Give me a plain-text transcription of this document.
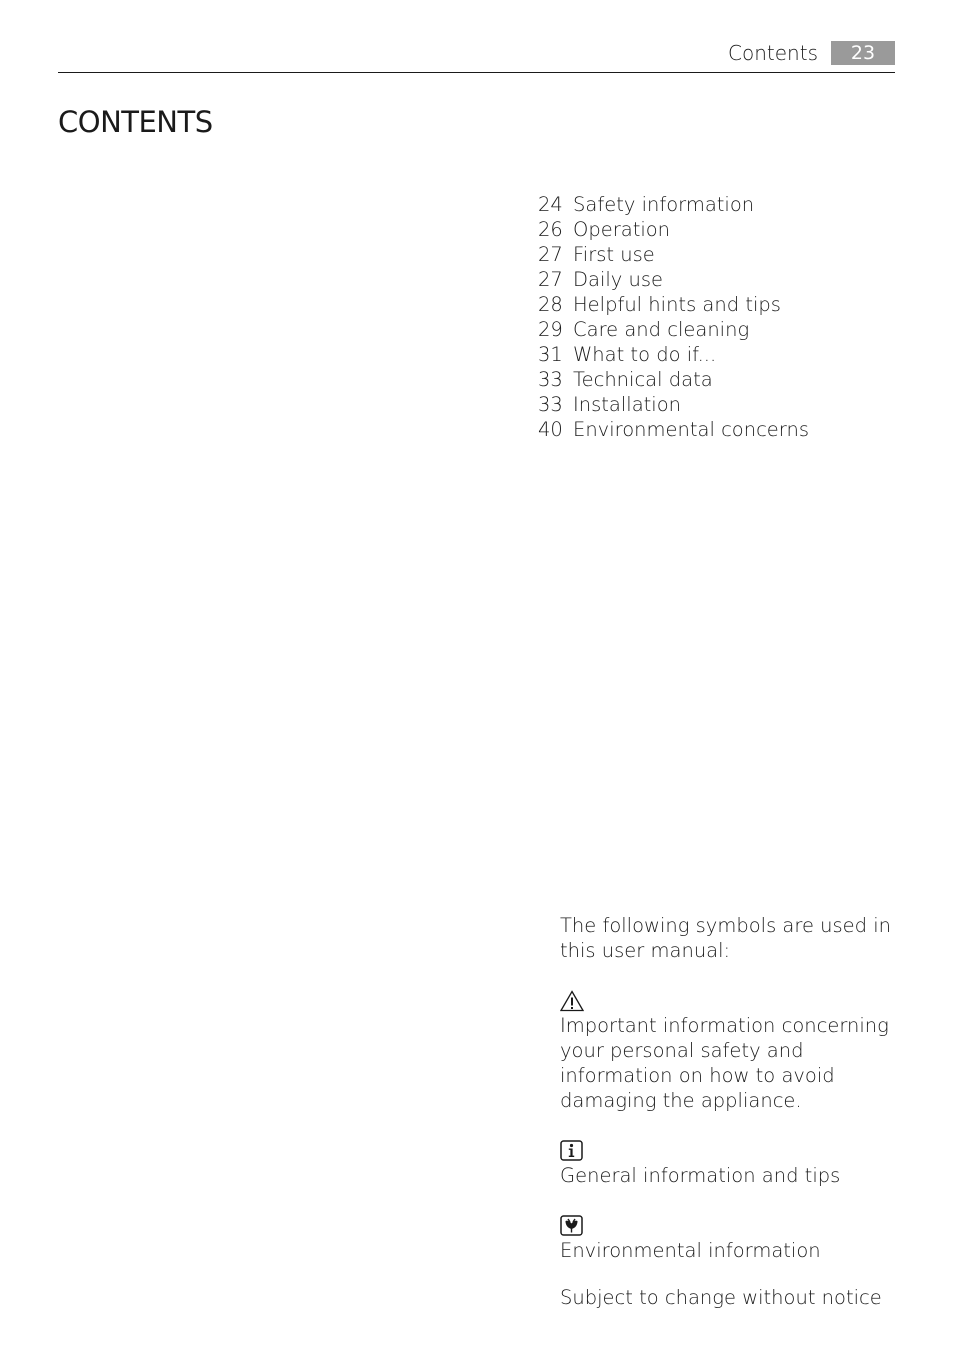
Contents	23
CONTENTS
24 Safety information
26 Operation
27 First use
27 Daily use
28 Helpful hints and tips
29 Care and cleaning
31 What to do if...
33 Technical data
33 Installation
40 Environmental concerns

The following symbols are used in this user manual:

Important information concerning your personal safety and information on how to avoid damaging the appliance.

General information and tips

Environmental information

Subject to change without notice
